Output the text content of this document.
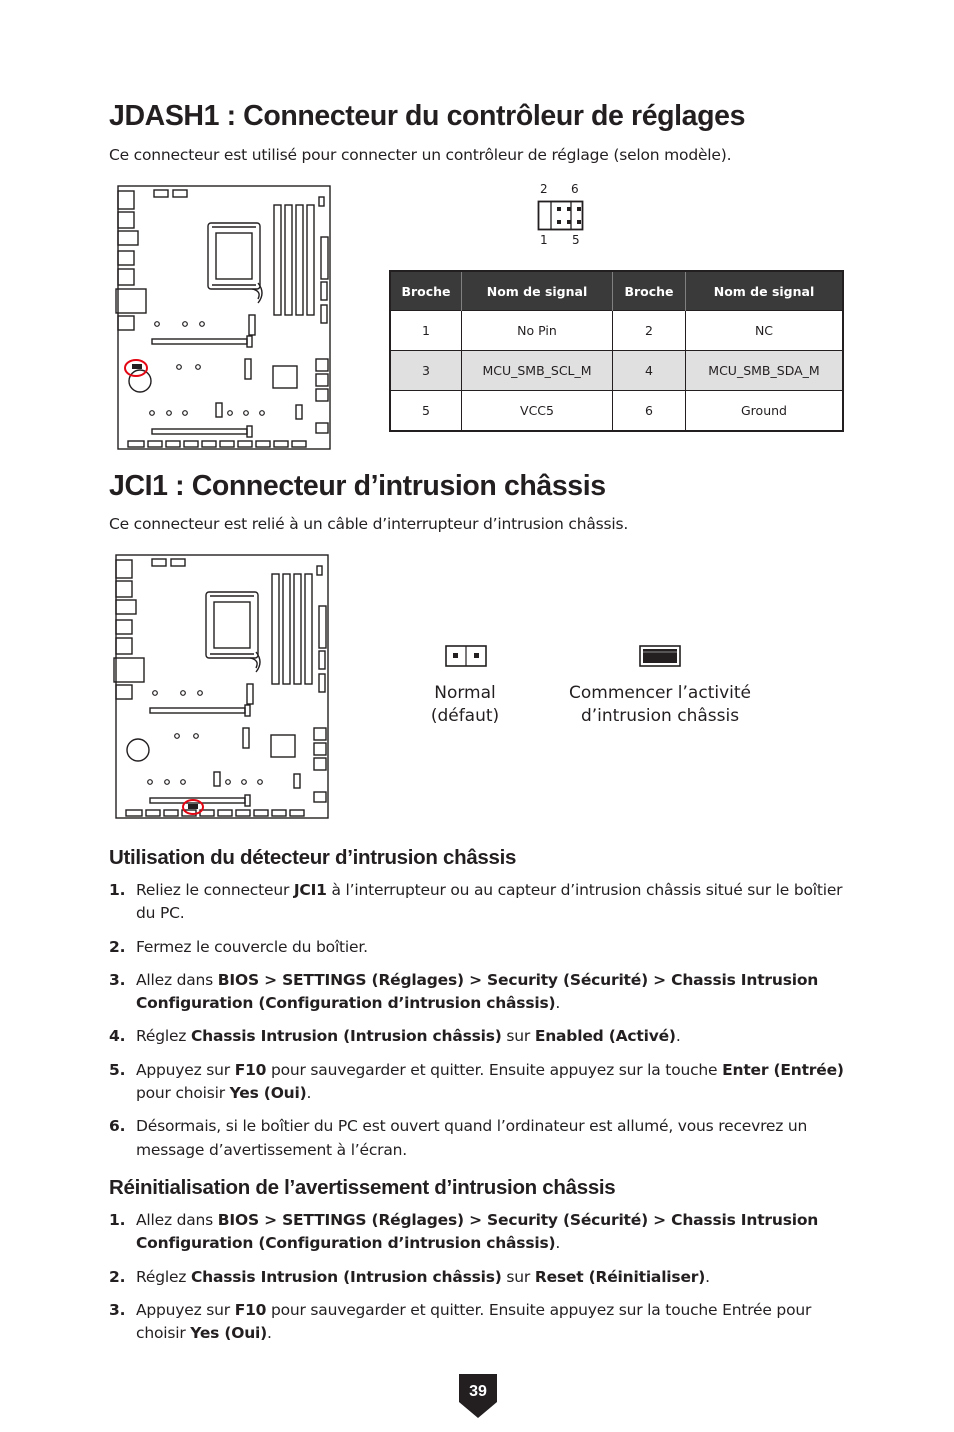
JDASH1 : Connecteur du contrôleur de réglages
Ce connecteur est utilisé pour connecter un contrôleur de réglage (selon modèle).
2 6
1 5
Broche	Nom de signal	Broche	Nom de signal
1	No Pin	2	NC
3	MCU_SMB_SCL_M	4	MCU_SMB_SDA_M
5	VCC5	6	Ground
JCI1 : Connecteur d’intrusion châssis
Ce connecteur est relié à un câble d’interrupteur d’intrusion châssis.
Normal
(défaut)
Commencer l’activité
d’intrusion châssis
Utilisation du détecteur d’intrusion châssis
1. Reliez le connecteur JCI1 à l’interrupteur ou au capteur d’intrusion châssis situé sur le boîtier du PC.
2. Fermez le couvercle du boîtier.
3. Allez dans BIOS > SETTINGS (Réglages) > Security (Sécurité) > Chassis Intrusion Configuration (Configuration d’intrusion châssis).
4. Réglez Chassis Intrusion (Intrusion châssis) sur Enabled (Activé).
5. Appuyez sur F10 pour sauvegarder et quitter. Ensuite appuyez sur la touche Enter (Entrée) pour choisir Yes (Oui).
6. Désormais, si le boîtier du PC est ouvert quand l’ordinateur est allumé, vous recevrez un message d’avertissement à l’écran.
Réinitialisation de l’avertissement d’intrusion châssis
1. Allez dans BIOS > SETTINGS (Réglages) > Security (Sécurité) > Chassis Intrusion Configuration (Configuration d’intrusion châssis).
2. Réglez Chassis Intrusion (Intrusion châssis) sur Reset (Réinitialiser).
3. Appuyez sur F10 pour sauvegarder et quitter. Ensuite appuyez sur la touche Entrée pour choisir Yes (Oui).
39
